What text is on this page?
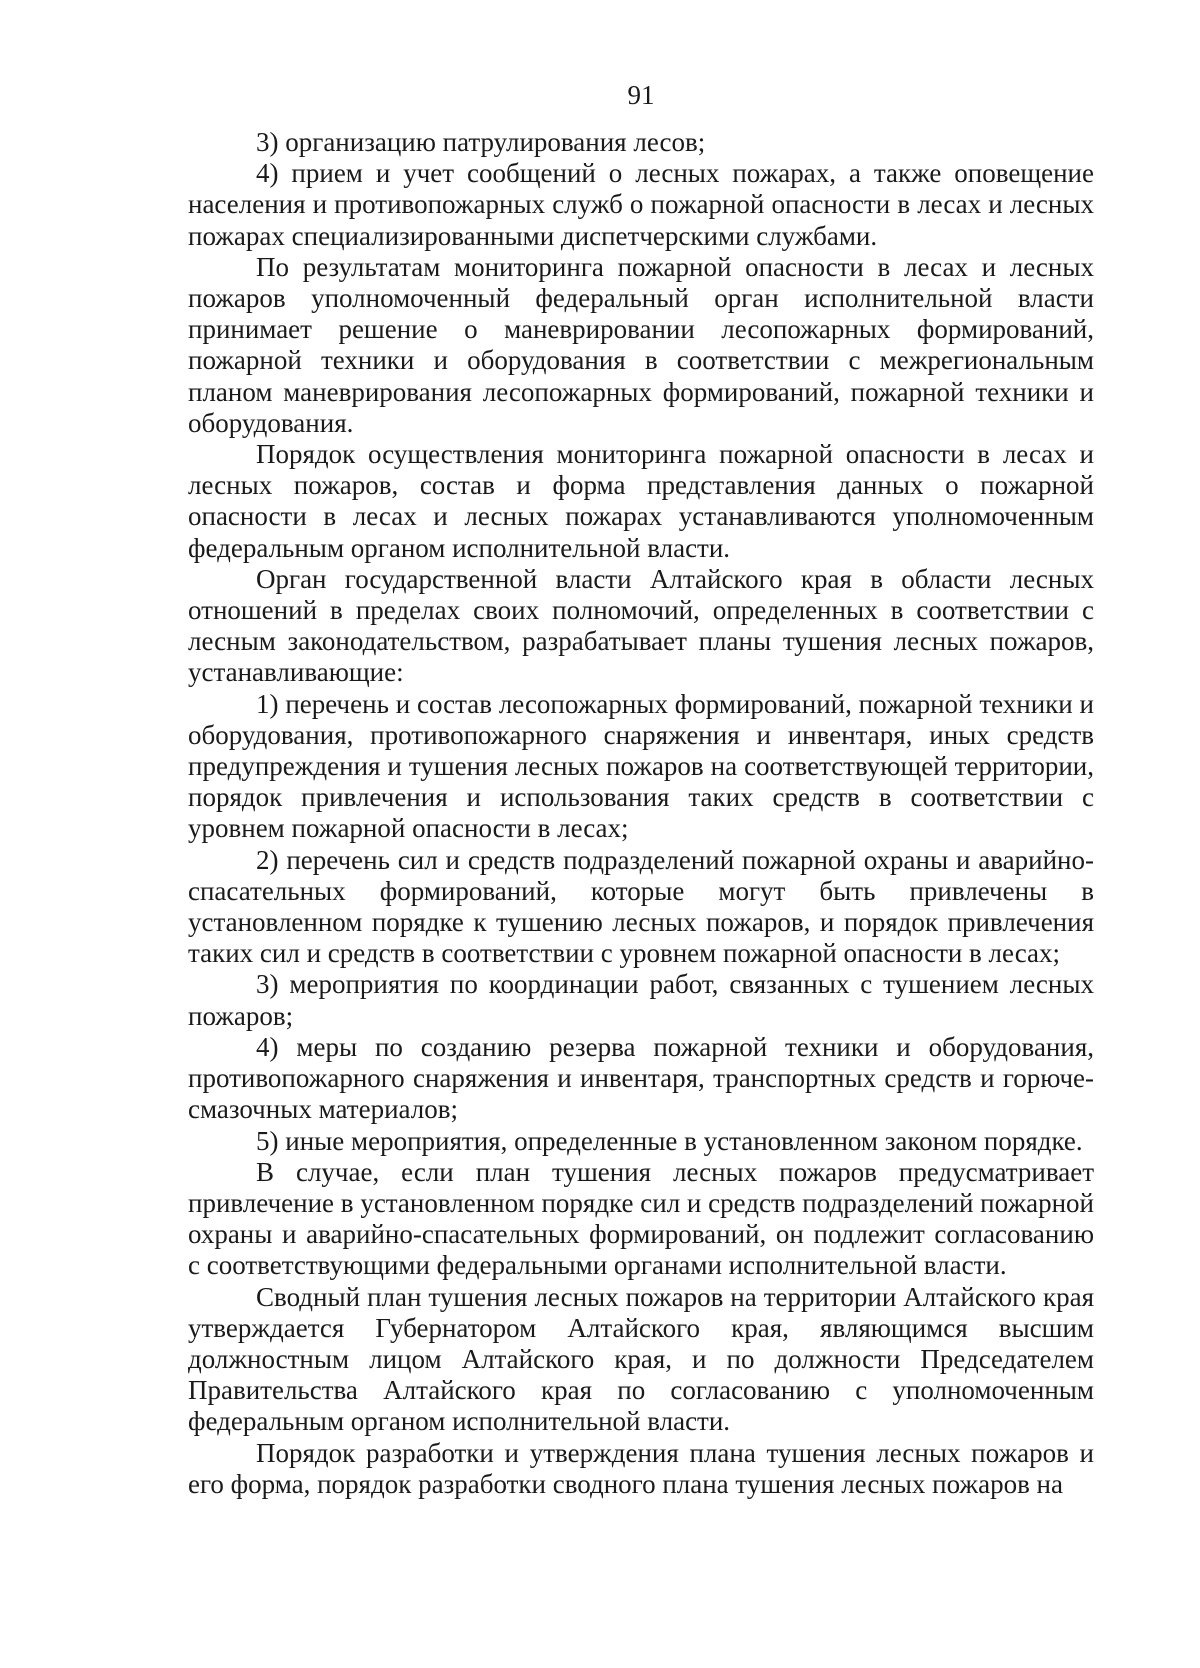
91

3) организацию патрулирования лесов;

4) прием и учет сообщений о лесных пожарах, а также оповещение населения и противопожарных служб о пожарной опасности в лесах и лесных пожарах специализированными диспетчерскими службами.

По результатам мониторинга пожарной опасности в лесах и лесных пожаров уполномоченный федеральный орган исполнительной власти принимает решение о маневрировании лесопожарных формирований, пожарной техники и оборудования в соответствии с межрегиональным планом маневрирования лесопожарных формирований, пожарной техники и оборудования.

Порядок осуществления мониторинга пожарной опасности в лесах и лесных пожаров, состав и форма представления данных о пожарной опасности в лесах и лесных пожарах устанавливаются уполномоченным федеральным органом исполнительной власти.

Орган государственной власти Алтайского края в области лесных отношений в пределах своих полномочий, определенных в соответствии с лесным законодательством, разрабатывает планы тушения лесных пожаров, устанавливающие:

1) перечень и состав лесопожарных формирований, пожарной техники и оборудования, противопожарного снаряжения и инвентаря, иных средств предупреждения и тушения лесных пожаров на соответствующей территории, порядок привлечения и использования таких средств в соответствии с уровнем пожарной опасности в лесах;

2) перечень сил и средств подразделений пожарной охраны и аварийно-спасательных формирований, которые могут быть привлечены в установленном порядке к тушению лесных пожаров, и порядок привлечения таких сил и средств в соответствии с уровнем пожарной опасности в лесах;

3) мероприятия по координации работ, связанных с тушением лесных пожаров;

4) меры по созданию резерва пожарной техники и оборудования, противопожарного снаряжения и инвентаря, транспортных средств и горюче-смазочных материалов;

5) иные мероприятия, определенные в установленном законом порядке.

В случае, если план тушения лесных пожаров предусматривает привлечение в установленном порядке сил и средств подразделений пожарной охраны и аварийно-спасательных формирований, он подлежит согласованию с соответствующими федеральными органами исполнительной власти.

Сводный план тушения лесных пожаров на территории Алтайского края утверждается Губернатором Алтайского края, являющимся высшим должностным лицом Алтайского края, и по должности Председателем Правительства Алтайского края по согласованию с уполномоченным федеральным органом исполнительной власти.

Порядок разработки и утверждения плана тушения лесных пожаров и его форма, порядок разработки сводного плана тушения лесных пожаров на
